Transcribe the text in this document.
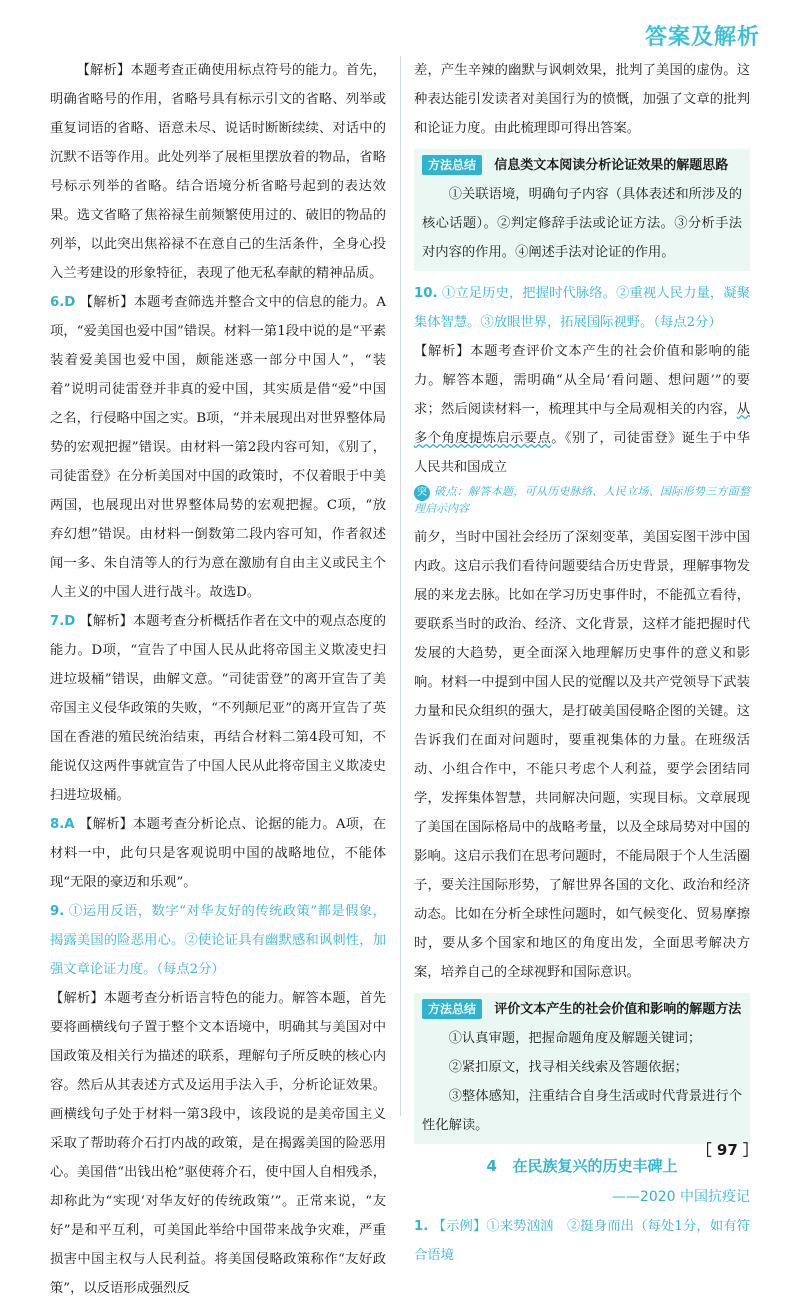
答案及解析

【解析】本题考查正确使用标点符号的能力。首先，明确省略号的作用，省略号具有标示引文的省略、列举或重复词语的省略、语意未尽、说话时断断续续、对话中的沉默不语等作用。此处列举了展柜里摆放着的物品，省略号标示列举的省略。结合语境分析省略号起到的表达效果。选文省略了焦裕禄生前频繁使用过的、破旧的物品的列举，以此突出焦裕禄不在意自己的生活条件，全身心投入兰考建设的形象特征，表现了他无私奉献的精神品质。

6.D 【解析】本题考查筛选并整合文中的信息的能力。A项，“爱美国也爱中国”错误。材料一第1段中说的是“平素装着爱美国也爱中国，颇能迷惑一部分中国人”，“装着”说明司徒雷登并非真的爱中国，其实质是借“爱”中国之名，行侵略中国之实。B项，“并未展现出对世界整体局势的宏观把握”错误。由材料一第2段内容可知，《别了，司徒雷登》在分析美国对中国的政策时，不仅着眼于中美两国，也展现出对世界整体局势的宏观把握。C项，“放弃幻想”错误。由材料一倒数第二段内容可知，作者叙述闻一多、朱自清等人的行为意在激励有自由主义或民主个人主义的中国人进行战斗。故选D。

7.D 【解析】本题考查分析概括作者在文中的观点态度的能力。D项，“宣告了中国人民从此将帝国主义欺凌史扫进垃圾桶”错误，曲解文意。“司徒雷登”的离开宣告了美帝国主义侵华政策的失败，“不列颠尼亚”的离开宣告了英国在香港的殖民统治结束，再结合材料二第4段可知，不能说仅这两件事就宣告了中国人民从此将帝国主义欺凌史扫进垃圾桶。

8.A 【解析】本题考查分析论点、论据的能力。A项，在材料一中，此句只是客观说明中国的战略地位，不能体现“无限的豪迈和乐观”。

9. ①运用反语，数字“对华友好的传统政策”都是假象，揭露美国的险恶用心。②使论证具有幽默感和讽刺性，加强文章论证力度。（每点2分）

【解析】本题考查分析语言特色的能力。解答本题，首先要将画横线句子置于整个文本语境中，明确其与美国对中国政策及相关行为描述的联系，理解句子所反映的核心内容。然后从其表述方式及运用手法入手，分析论证效果。画横线句子处于材料一第3段中，该段说的是美帝国主义采取了帮助蒋介石打内战的政策，是在揭露美国的险恶用心。美国借“出钱出枪”驱使蒋介石，使中国人自相残杀，却称此为“实现‘对华友好的传统政策’”。正常来说，“友好”是和平互利，可美国此举给中国带来战争灾难，严重损害中国主权与人民利益。将美国侵略政策称作“友好政策”，以反语形成强烈反

差，产生辛辣的幽默与讽刺效果，批判了美国的虚伪。这种表达能引发读者对美国行为的愤慨，加强了文章的批判和论证力度。由此梳理即可得出答案。

方法总结 信息类文本阅读分析论证效果的解题思路

①关联语境，明确句子内容（具体表述和所涉及的核心话题）。②判定修辞手法或论证方法。③分析手法对内容的作用。④阐述手法对论证的作用。

10. ①立足历史，把握时代脉络。②重视人民力量，凝聚集体智慧。③放眼世界，拓展国际视野。（每点2分）

【解析】本题考查评价文本产生的社会价值和影响的能力。解答本题，需明确“从全局‘看问题、想问题’”的要求；然后阅读材料一，梳理其中与全局观相关的内容，从多个角度提炼启示要点。《别了，司徒雷登》诞生于中华人民共和国成立

突 破点：解答本题，可从历史脉络、人民立场、国际形势三方面整理启示内容

前夕，当时中国社会经历了深刻变革，美国妄图干涉中国内政。这启示我们看待问题要结合历史背景，理解事物发展的来龙去脉。比如在学习历史事件时，不能孤立看待，要联系当时的政治、经济、文化背景，这样才能把握时代发展的大趋势，更全面深入地理解历史事件的意义和影响。材料一中提到中国人民的觉醒以及共产党领导下武装力量和民众组织的强大，是打破美国侵略企图的关键。这告诉我们在面对问题时，要重视集体的力量。在班级活动、小组合作中，不能只考虑个人利益，要学会团结同学，发挥集体智慧，共同解决问题，实现目标。文章展现了美国在国际格局中的战略考量，以及全球局势对中国的影响。这启示我们在思考问题时，不能局限于个人生活圈子，要关注国际形势，了解世界各国的文化、政治和经济动态。比如在分析全球性问题时，如气候变化、贸易摩擦时，要从多个国家和地区的角度出发，全面思考解决方案，培养自己的全球视野和国际意识。

方法总结 评价文本产生的社会价值和影响的解题方法

①认真审题，把握命题角度及解题关键词；

②紧扣原文，找寻相关线索及答题依据；

③整体感知，注重结合自身生活或时代背景进行个性化解读。

4 在民族复兴的历史丰碑上
——2020 中国抗疫记

1. 【示例】①来势汹汹　②挺身而出（每处1分，如有符合语境

［ 97 ］
